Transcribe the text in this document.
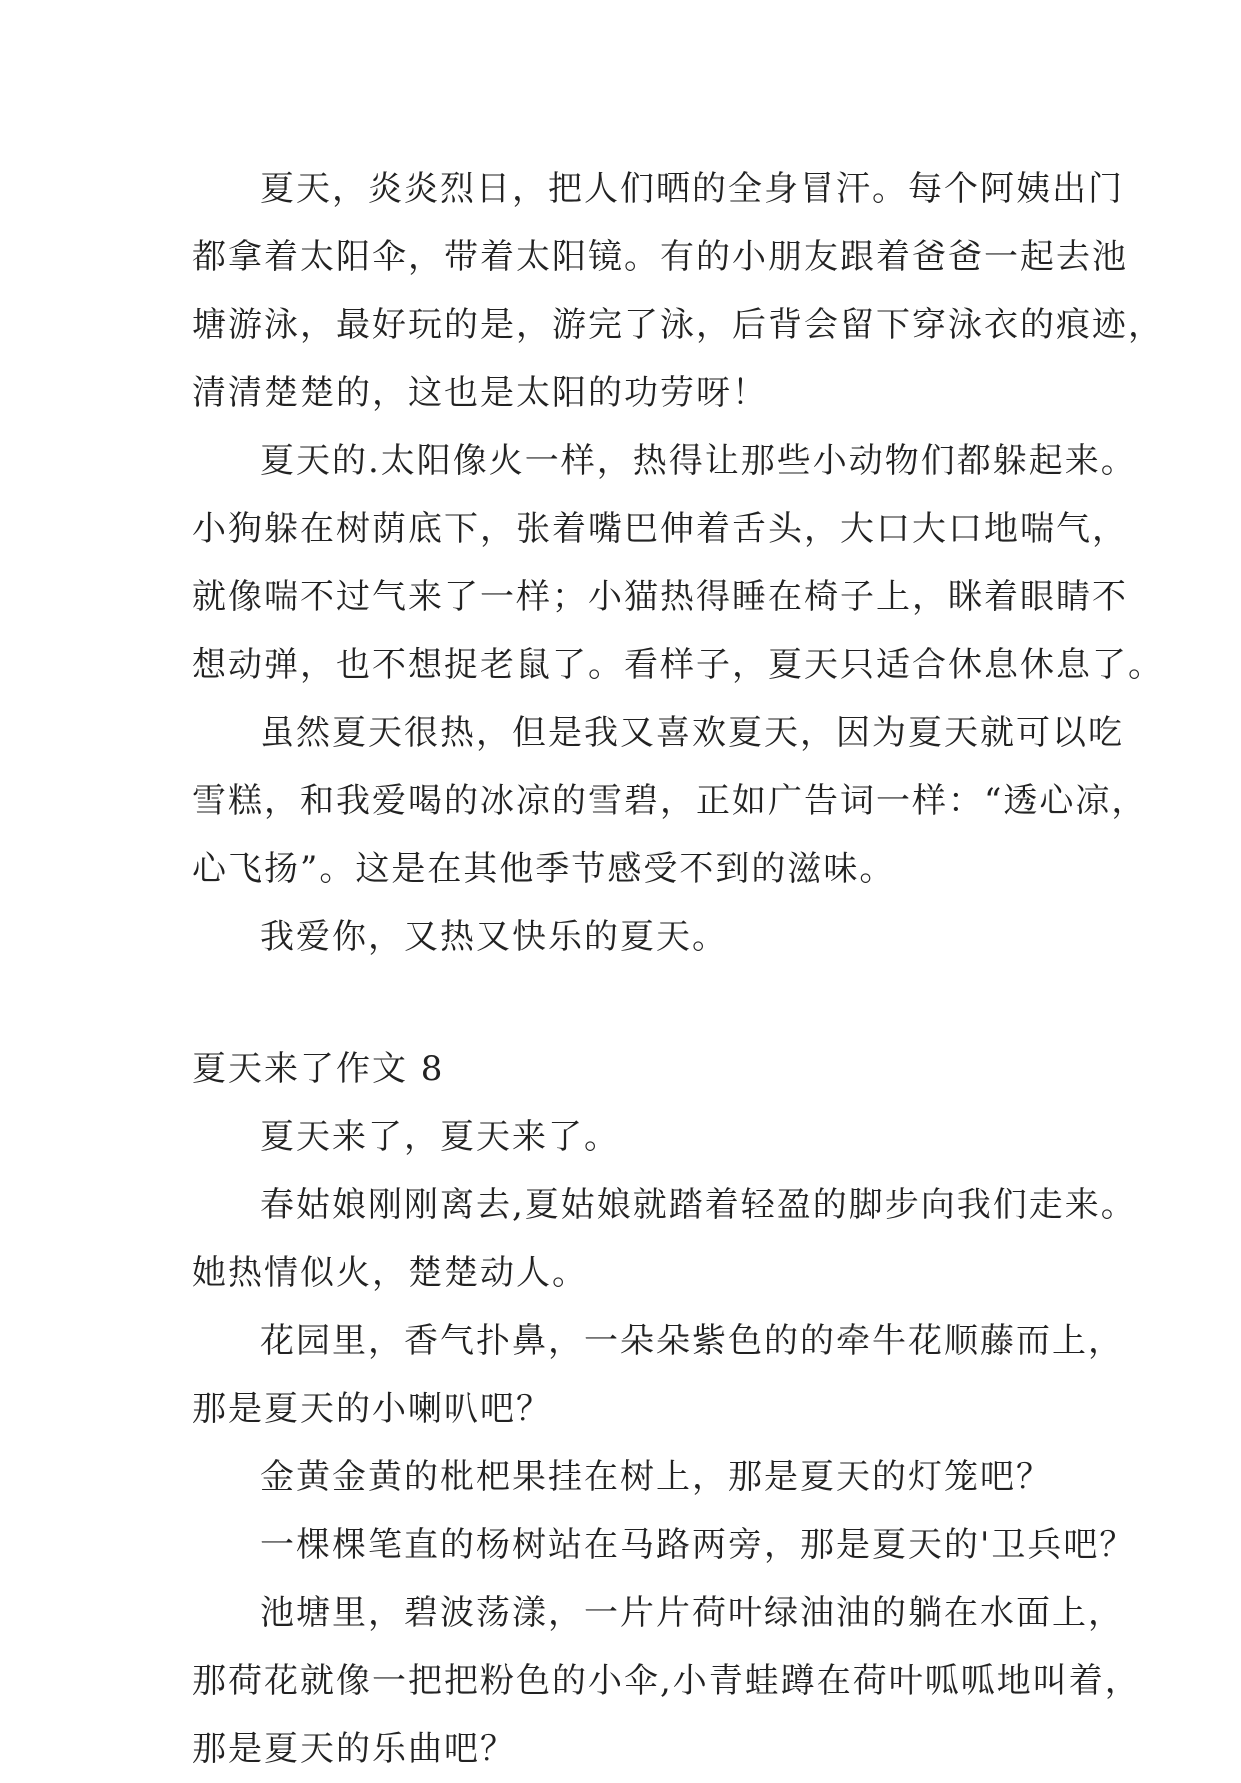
夏天，炎炎烈日，把人们晒的全身冒汗。每个阿姨出门
都拿着太阳伞，带着太阳镜。有的小朋友跟着爸爸一起去池
塘游泳，最好玩的是，游完了泳，后背会留下穿泳衣的痕迹，
清清楚楚的，这也是太阳的功劳呀！
夏天的.太阳像火一样，热得让那些小动物们都躲起来。
小狗躲在树荫底下，张着嘴巴伸着舌头，大口大口地喘气，
就像喘不过气来了一样；小猫热得睡在椅子上，眯着眼睛不
想动弹，也不想捉老鼠了。看样子，夏天只适合休息休息了。
虽然夏天很热，但是我又喜欢夏天，因为夏天就可以吃
雪糕，和我爱喝的冰凉的雪碧，正如广告词一样：“透心凉，
心飞扬”。这是在其他季节感受不到的滋味。
我爱你，又热又快乐的夏天。
夏天来了作文 8
夏天来了，夏天来了。
春姑娘刚刚离去,夏姑娘就踏着轻盈的脚步向我们走来。
她热情似火，楚楚动人。
花园里，香气扑鼻，一朵朵紫色的的牵牛花顺藤而上，
那是夏天的小喇叭吧？
金黄金黄的枇杷果挂在树上，那是夏天的灯笼吧？
一棵棵笔直的杨树站在马路两旁，那是夏天的'卫兵吧？
池塘里，碧波荡漾，一片片荷叶绿油油的躺在水面上，
那荷花就像一把把粉色的小伞,小青蛙蹲在荷叶呱呱地叫着，
那是夏天的乐曲吧？
